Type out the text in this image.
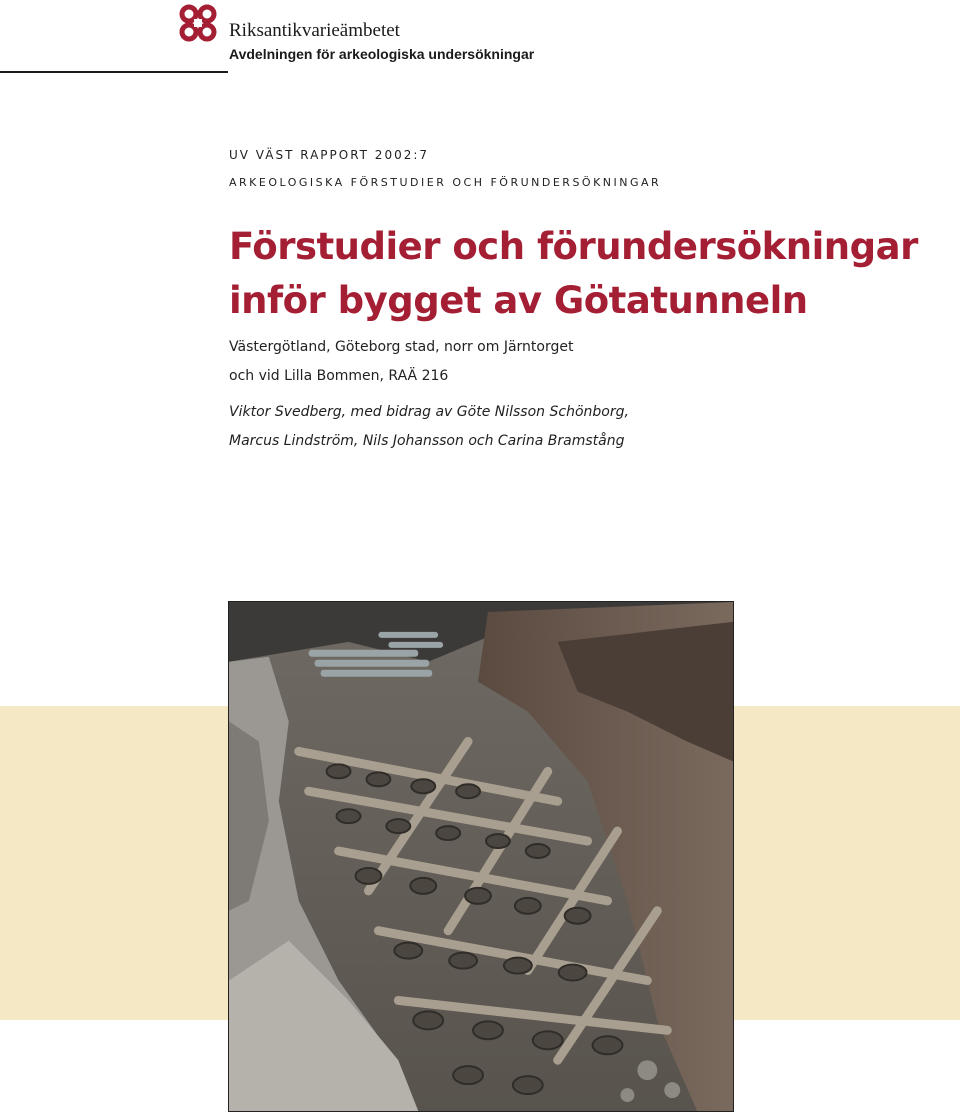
Riksantikvarieämbetet
Avdelningen för arkeologiska undersökningar
UV VÄST RAPPORT 2002:7
ARKEOLOGISKA FÖRSTUDIER OCH FÖRUNDERSÖKNINGAR
Förstudier och förundersökningar
inför bygget av Götatunneln
Västergötland, Göteborg stad, norr om Järntorget
och vid Lilla Bommen, RAÄ 216
Viktor Svedberg, med bidrag av Göte Nilsson Schönborg,
Marcus Lindström, Nils Johansson och Carina Bramstång
